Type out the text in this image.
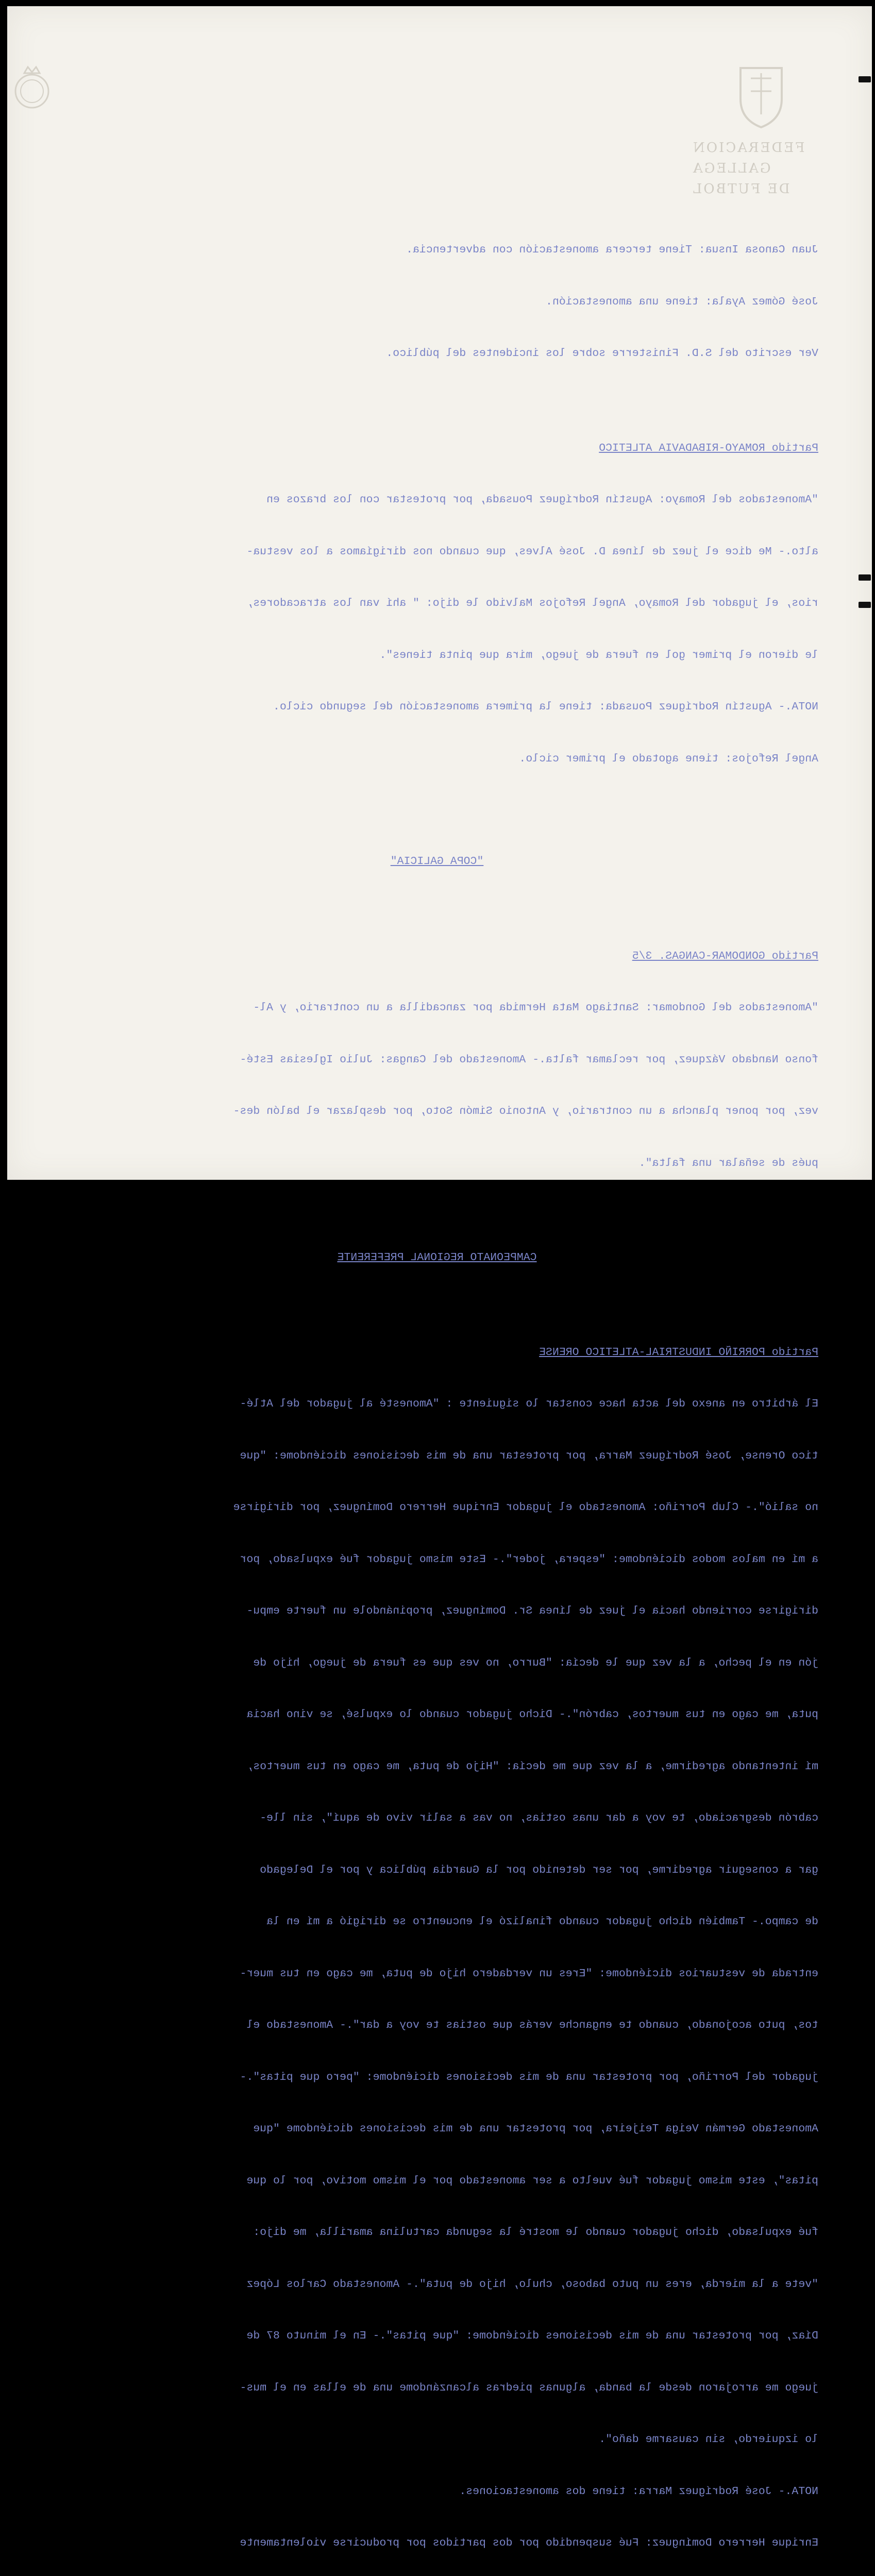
FEDERACION GALLEGA
DE FUTBOL

Juan Canosa Insua: Tiene tercera amonestación con advertencia.

José Gómez Ayala: tiene una amonestación.

Ver escrito del S.D. Finisterre sobre los incidentes del público.

Partido ROMAYO-RIBADAVIA ATLETICO

"Amonestados del Romayo: Agustín Rodríguez Pousada, por protestar con los brazos en

alto.- Me dice el juez de línea D. José Alves, que cuando nos dirigíamos a los vestua-

rios, el jugador del Romayo, Angel Refojos Malvido le dijo: " ahí van los atracadores,

le dieron el primer gol en fuera de juego, mira que pinta tienes".

NOTA.- Agustín Rodríguez Pousada: tiene la primera amonestación del segundo ciclo.

Angel Refojos: tiene agotado el primer ciclo.

"COPA GALICIA"

Partido GONDOMAR-CANGAS. 3/5

"Amonestados del Gondomar: Santiago Mata Hermida por zancadilla a un contrario, y Al-

fonso Nandado Vázquez, por reclamar falta.- Amonestado del Cangas: Julio Iglesias Esté-

vez, por poner plancha a un contrario, y Antonio Simón Soto, por desplazar el balón des-

pués de señalar una falta".

CAMPEONATO REGIONAL PREFERENTE

Partido PORRIÑO INDUSTRIAL-ATLETICO ORENSE

El árbitro en anexo del acta hace constar lo siguiente : "Amonesté al jugador del Atlé-

tico Orense, José Rodríguez Marra, por protestar una de mis decisiones diciéndome: "que

no salió".- Club Porriño: Amonestado el jugador Enrique Herrero Domínguez, por dirigirse

a mí en malos modos diciéndome: "espera, joder".- Este mismo jugador fué expulsado, por

dirigirse corriendo hacia el juez de línea Sr. Domínguez, propinándole un fuerte empu-

jón en el pecho, a la vez que le decía: "Burro, no ves que es fuera de juego, hijo de

puta, me cago en tus muertos, cabrón".- Dicho jugador cuando lo expulsé, se vino hacia

mí intentando agredirme, a la vez que me decía: "Hijo de puta, me cago en tus muertos,

cabrón desgraciado, te voy a dar unas ostias, no vas a salir vivo de aquí", sin lle-

gar a conseguir agredirme, por ser detenido por la Guardia pública y por el Delegado

de campo.- También dicho jugador cuando finalizó el encuentro se dirigió a mí en la

entrada de vestuarios diciéndome: "Eres un verdadero hijo de puta, me cago en tus muer-

tos, puto acojonado, cuando te enganche verás que ostias te voy a dar".- Amonestado el

jugador del Porriño, por protestar una de mis decisiones diciéndome: "pero que pitas".-

Amonestado Germán Veiga Teijeira, por protestar una de mis decisiones diciéndome "que

pitas", este mismo jugador fué vuelto a ser amonestado por el mismo motivo, por lo que

fué expulsado, dicho jugador cuando le mostré la segunda cartulina amarilla, me dijo:

"vete a la mierda, eres un puto baboso, chulo, hijo de puta".- Amonestado Carlos López

Díaz, por protestar una de mis decisiones diciéndome: "que pitas".- En el minuto 87 de

juego me arrojaron desde la banda, algunas piedras alcanzándome una de ellas en el mus-

lo izquierdo, sin causarme daño".

NOTA.- José Rodríguez Marra: tiene dos amonestaciones.

Enrique Herrero Domínguez: Fué suspendido por dos partidos por producirse violentamente
